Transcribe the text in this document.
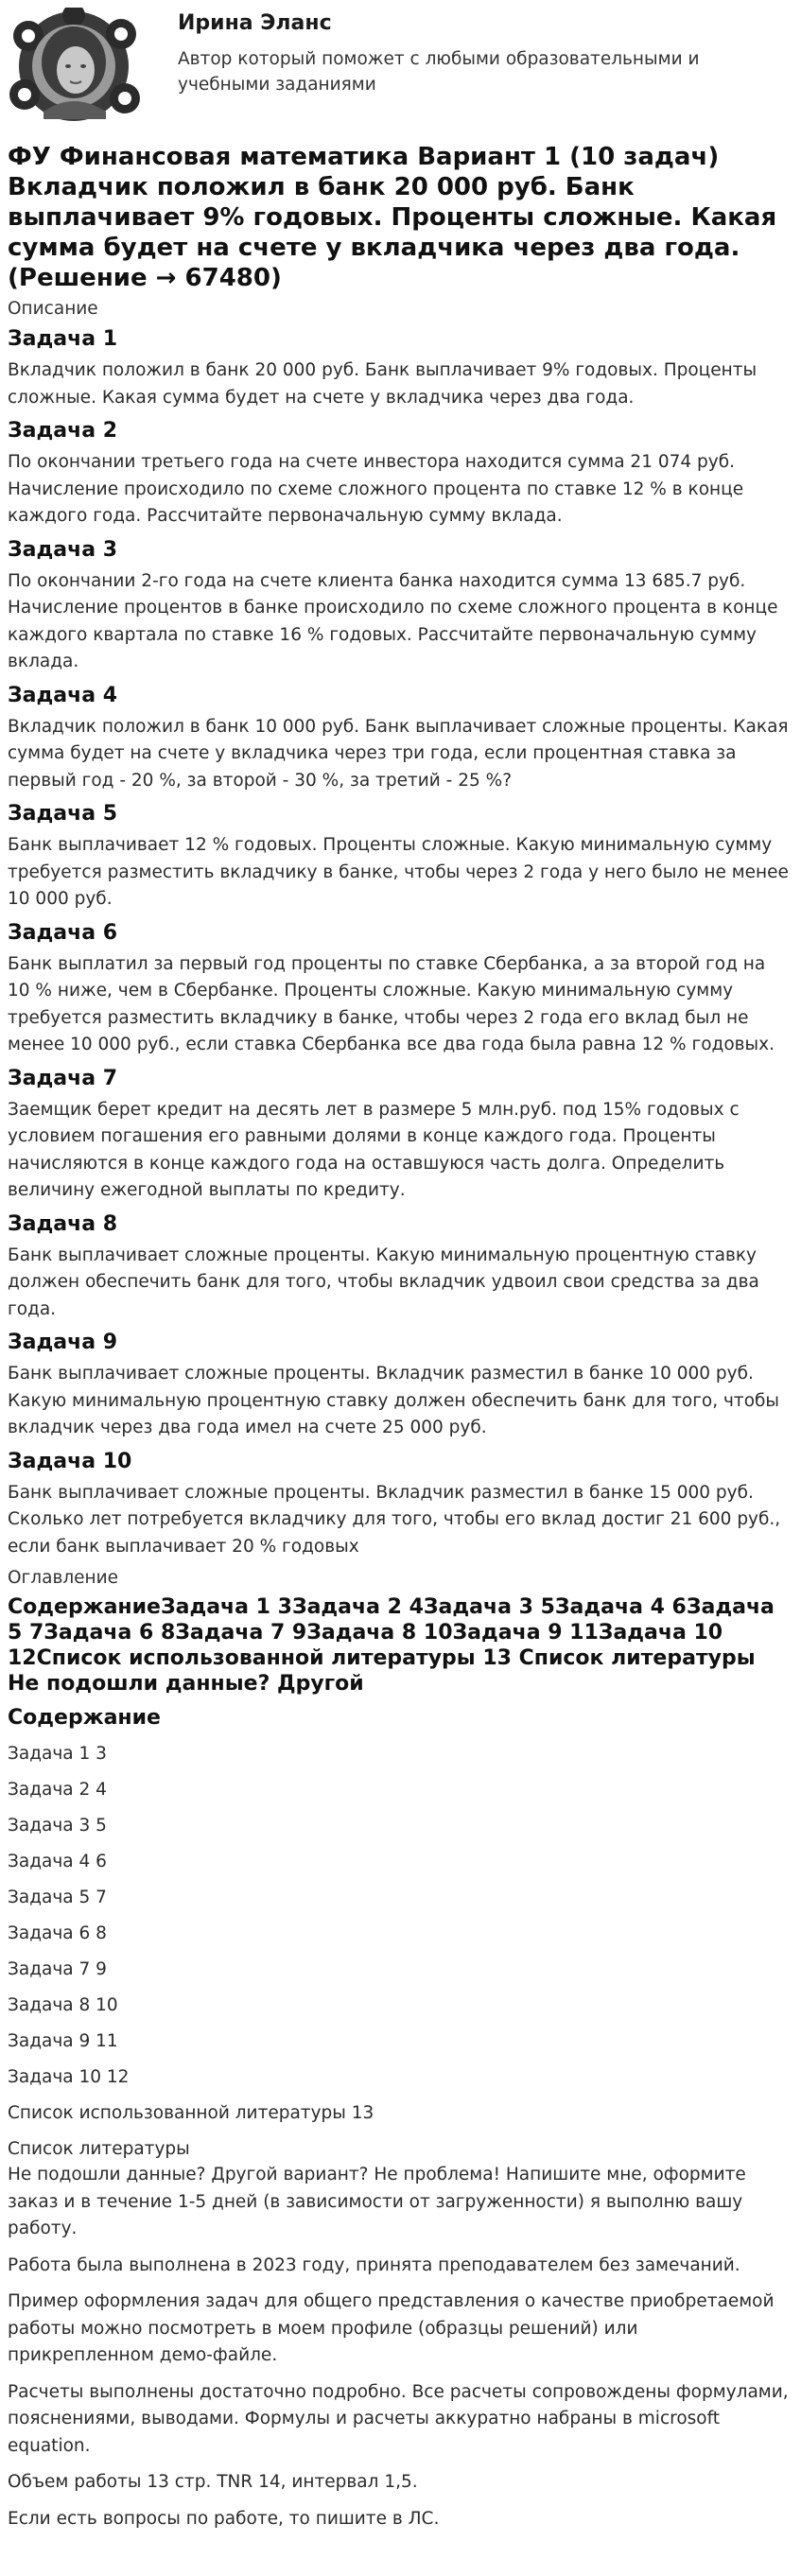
Ирина Эланс
Автор который поможет с любыми образовательными и учебными заданиями
ФУ Финансовая математика Вариант 1 (10 задач) Вкладчик положил в банк 20 000 руб. Банк выплачивает 9% годовых. Проценты сложные. Какая сумма будет на счете у вкладчика через два года. (Решение → 67480)
Описание
Задача 1
Вкладчик положил в банк 20 000 руб. Банк выплачивает 9% годовых. Проценты сложные. Какая сумма будет на счете у вкладчика через два года.
Задача 2
По окончании третьего года на счете инвестора находится сумма 21 074 руб. Начисление происходило по схеме сложного процента по ставке 12 % в конце каждого года. Рассчитайте первоначальную сумму вклада.
Задача 3
По окончании 2-го года на счете клиента банка находится сумма 13 685.7 руб. Начисление процентов в банке происходило по схеме сложного процента в конце каждого квартала по ставке 16 % годовых. Рассчитайте первоначальную сумму вклада.
Задача 4
Вкладчик положил в банк 10 000 руб. Банк выплачивает сложные проценты. Какая сумма будет на счете у вкладчика через три года, если процентная ставка за первый год - 20 %, за второй - 30 %, за третий - 25 %?
Задача 5
Банк выплачивает 12 % годовых. Проценты сложные. Какую минимальную сумму требуется разместить вкладчику в банке, чтобы через 2 года у него было не менее 10 000 руб.
Задача 6
Банк выплатил за первый год проценты по ставке Сбербанка, а за второй год на 10 % ниже, чем в Сбербанке. Проценты сложные. Какую минимальную сумму требуется разместить вкладчику в банке, чтобы через 2 года его вклад был не менее 10 000 руб., если ставка Сбербанка все два года была равна 12 % годовых.
Задача 7
Заемщик берет кредит на десять лет в размере 5 млн.руб. под 15% годовых с условием погашения его равными долями в конце каждого года. Проценты начисляются в конце каждого года на оставшуюся часть долга. Определить величину ежегодной выплаты по кредиту.
Задача 8
Банк выплачивает сложные проценты. Какую минимальную процентную ставку должен обеспечить банк для того, чтобы вкладчик удвоил свои средства за два года.
Задача 9
Банк выплачивает сложные проценты. Вкладчик разместил в банке 10 000 руб. Какую минимальную процентную ставку должен обеспечить банк для того, чтобы вкладчик через два года имел на счете 25 000 руб.
Задача 10
Банк выплачивает сложные проценты. Вкладчик разместил в банке 15 000 руб. Сколько лет потребуется вкладчику для того, чтобы его вклад достиг 21 600 руб., если банк выплачивает 20 % годовых
Оглавление
СодержаниеЗадача 1 3Задача 2 4Задача 3 5Задача 4 6Задача 5 7Задача 6 8Задача 7 9Задача 8 10Задача 9 11Задача 10 12Список использованной литературы 13 Список литературы Не подошли данные? Другой
Содержание
Задача 1 3
Задача 2 4
Задача 3 5
Задача 4 6
Задача 5 7
Задача 6 8
Задача 7 9
Задача 8 10
Задача 9 11
Задача 10 12
Список использованной литературы 13
Список литературы

Не подошли данные? Другой вариант? Не проблема! Напишите мне, оформите заказ и в течение 1-5 дней (в зависимости от загруженности) я выполню вашу работу.

Работа была выполнена в 2023 году, принята преподавателем без замечаний.

Пример оформления задач для общего представления о качестве приобретаемой работы можно посмотреть в моем профиле (образцы решений) или прикрепленном демо-файле.

Расчеты выполнены достаточно подробно. Все расчеты сопровождены формулами, пояснениями, выводами. Формулы и расчеты аккуратно набраны в microsoft equation.

Объем работы 13 стр. TNR 14, интервал 1,5.

Если есть вопросы по работе, то пишите в ЛС.
